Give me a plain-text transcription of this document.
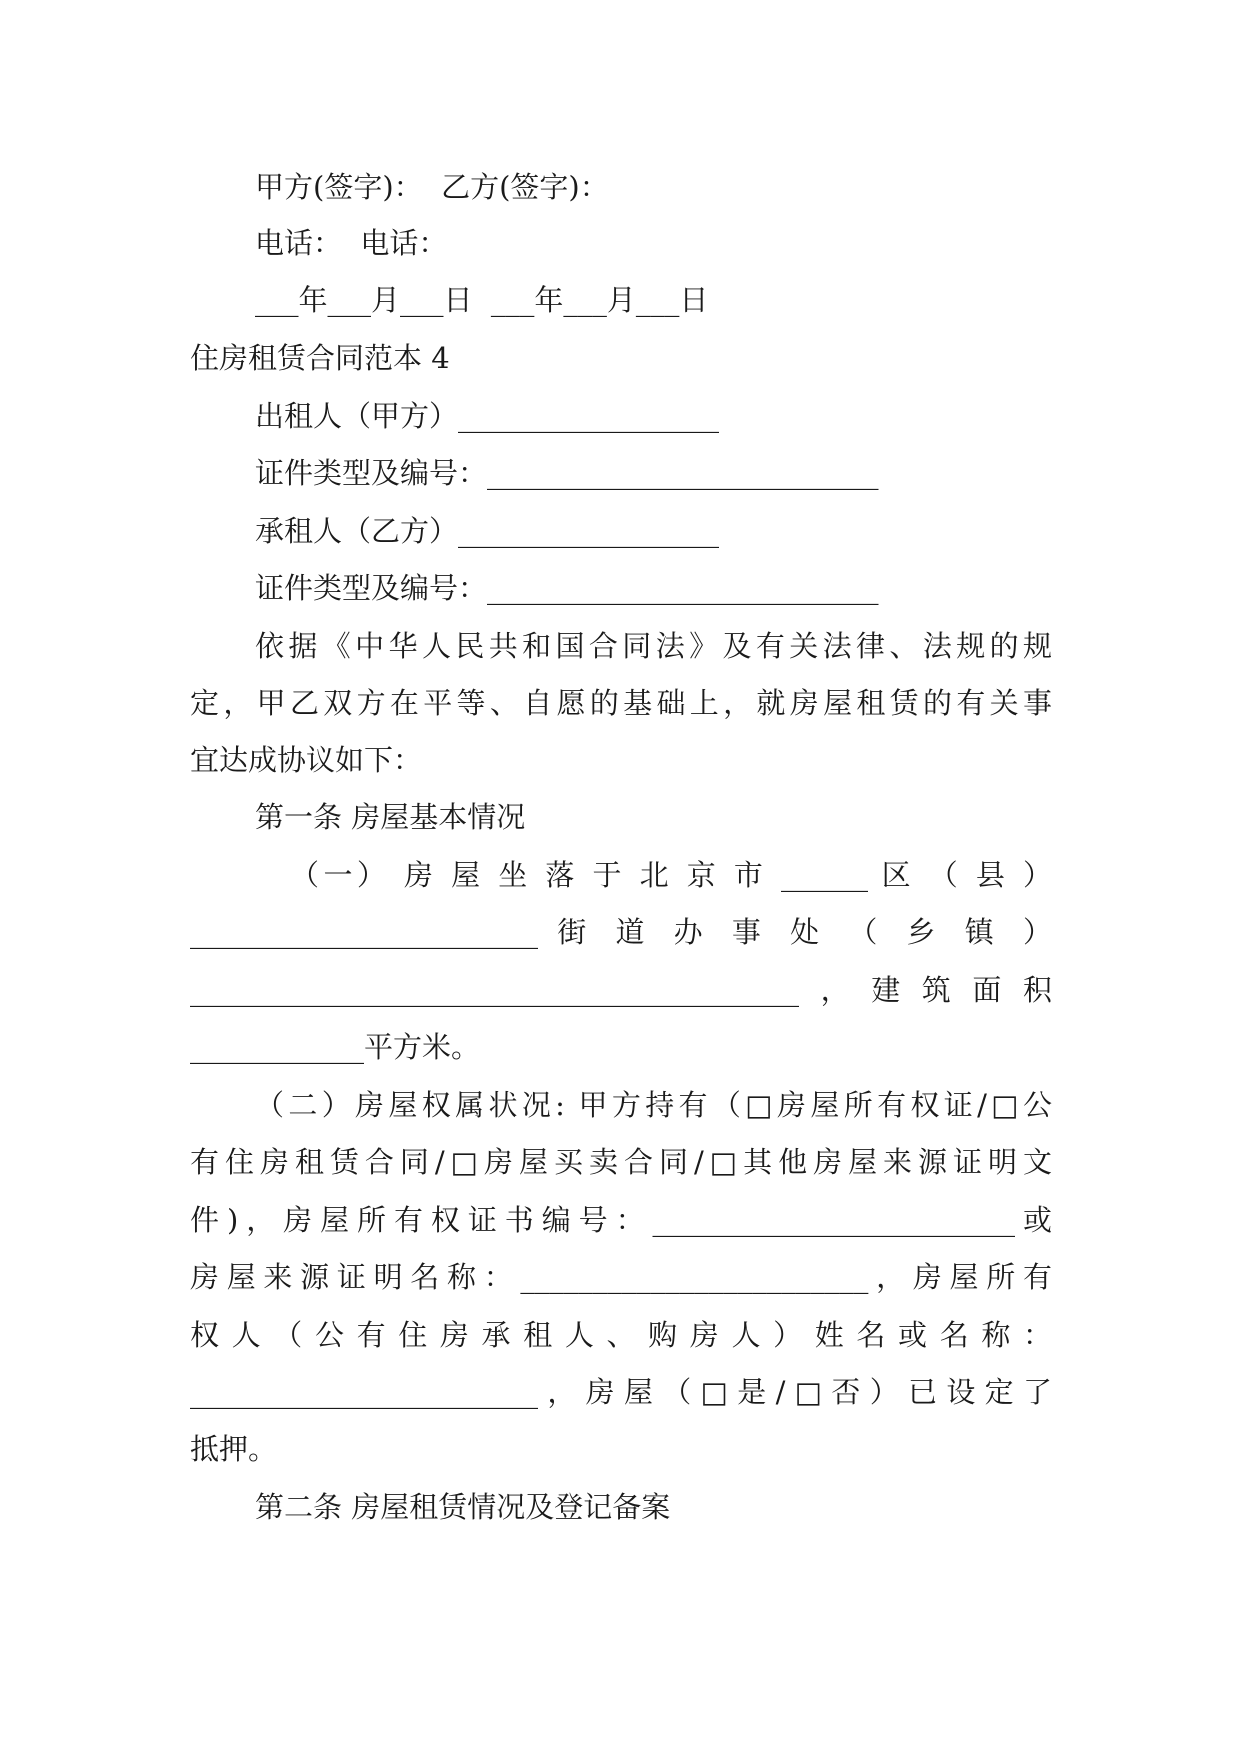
甲方(签字)：  乙方(签字)：
电话：  电话：
___年___月___日  ___年___月___日
住房租赁合同范本 4
出租人（甲方）__________________
证件类型及编号：___________________________
承租人（乙方）__________________
证件类型及编号：___________________________
依据《中华人民共和国合同法》及有关法律、法规的规
定，甲乙双方在平等、自愿的基础上，就房屋租赁的有关事
宜达成协议如下：
第一条 房屋基本情况
（一） 房 屋 坐 落 于 北 京 市 ______ 区 （ 县 ）
________________________ 街 道 办 事 处 （ 乡 镇 ）
__________________________________________，建筑面积
____________平方米。
（二）房屋权属状况: 甲方持有（□房屋所有权证/□公
有住房租赁合同/□房屋买卖合同/□其他房屋来源证明文
件)，房屋所有权证书编号：_________________________或
房屋来源证明名称：________________________，房屋所有
权 人 （ 公 有 住 房 承 租 人 、 购 房 人 ） 姓 名 或 名 称 ：
________________________，房屋（□是/□否）已设定了
抵押。
第二条 房屋租赁情况及登记备案
